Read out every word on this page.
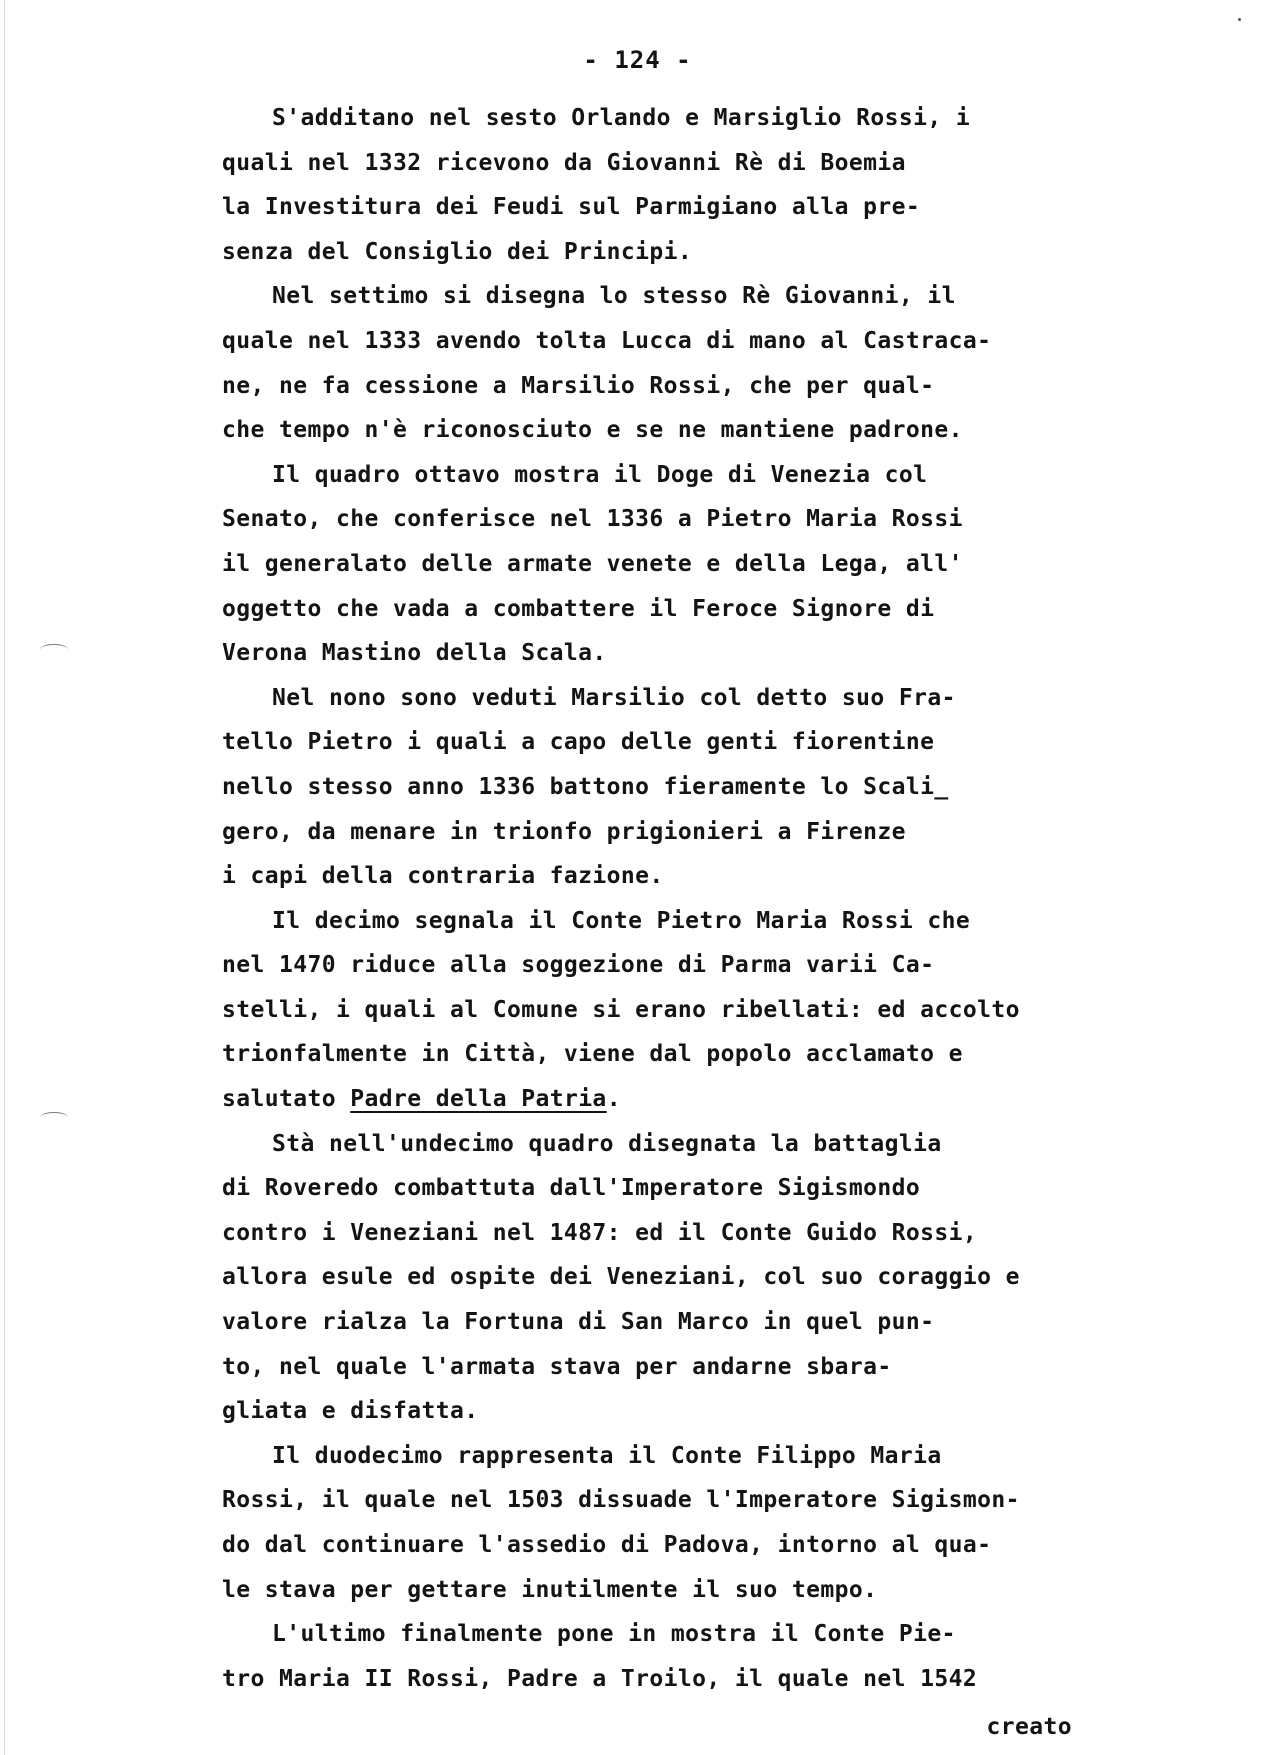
- 124 -
S'additano nel sesto Orlando e Marsiglio Rossi, i
quali nel 1332 ricevono da Giovanni Rè di Boemia
la Investitura dei Feudi sul Parmigiano alla pre-
senza del Consiglio dei Principi.
Nel settimo si disegna lo stesso Rè Giovanni, il
quale nel 1333 avendo tolta Lucca di mano al Castraca-
ne, ne fa cessione a Marsilio Rossi, che per qual-
che tempo n'è riconosciuto e se ne mantiene padrone.
Il quadro ottavo mostra il Doge di Venezia col
Senato, che conferisce nel 1336 a Pietro Maria Rossi
il generalato delle armate venete e della Lega, all'
oggetto che vada a combattere il Feroce Signore di
Verona Mastino della Scala.
Nel nono sono veduti Marsilio col detto suo Fra-
tello Pietro i quali a capo delle genti fiorentine
nello stesso anno 1336 battono fieramente lo Scali_
gero, da menare in trionfo prigionieri a Firenze
i capi della contraria fazione.
Il decimo segnala il Conte Pietro Maria Rossi che
nel 1470 riduce alla soggezione di Parma varii Ca-
stelli, i quali al Comune si erano ribellati: ed accolto
trionfalmente in Città, viene dal popolo acclamato e
salutato Padre della Patria.
Stà nell'undecimo quadro disegnata la battaglia
di Roveredo combattuta dall'Imperatore Sigismondo
contro i Veneziani nel 1487: ed il Conte Guido Rossi,
allora esule ed ospite dei Veneziani, col suo coraggio e
valore rialza la Fortuna di San Marco in quel pun-
to, nel quale l'armata stava per andarne sbara-
gliata e disfatta.
Il duodecimo rappresenta il Conte Filippo Maria
Rossi, il quale nel 1503 dissuade l'Imperatore Sigismon-
do dal continuare l'assedio di Padova, intorno al qua-
le stava per gettare inutilmente il suo tempo.
L'ultimo finalmente pone in mostra il Conte Pie-
tro Maria II Rossi, Padre a Troilo, il quale nel 1542
creato
